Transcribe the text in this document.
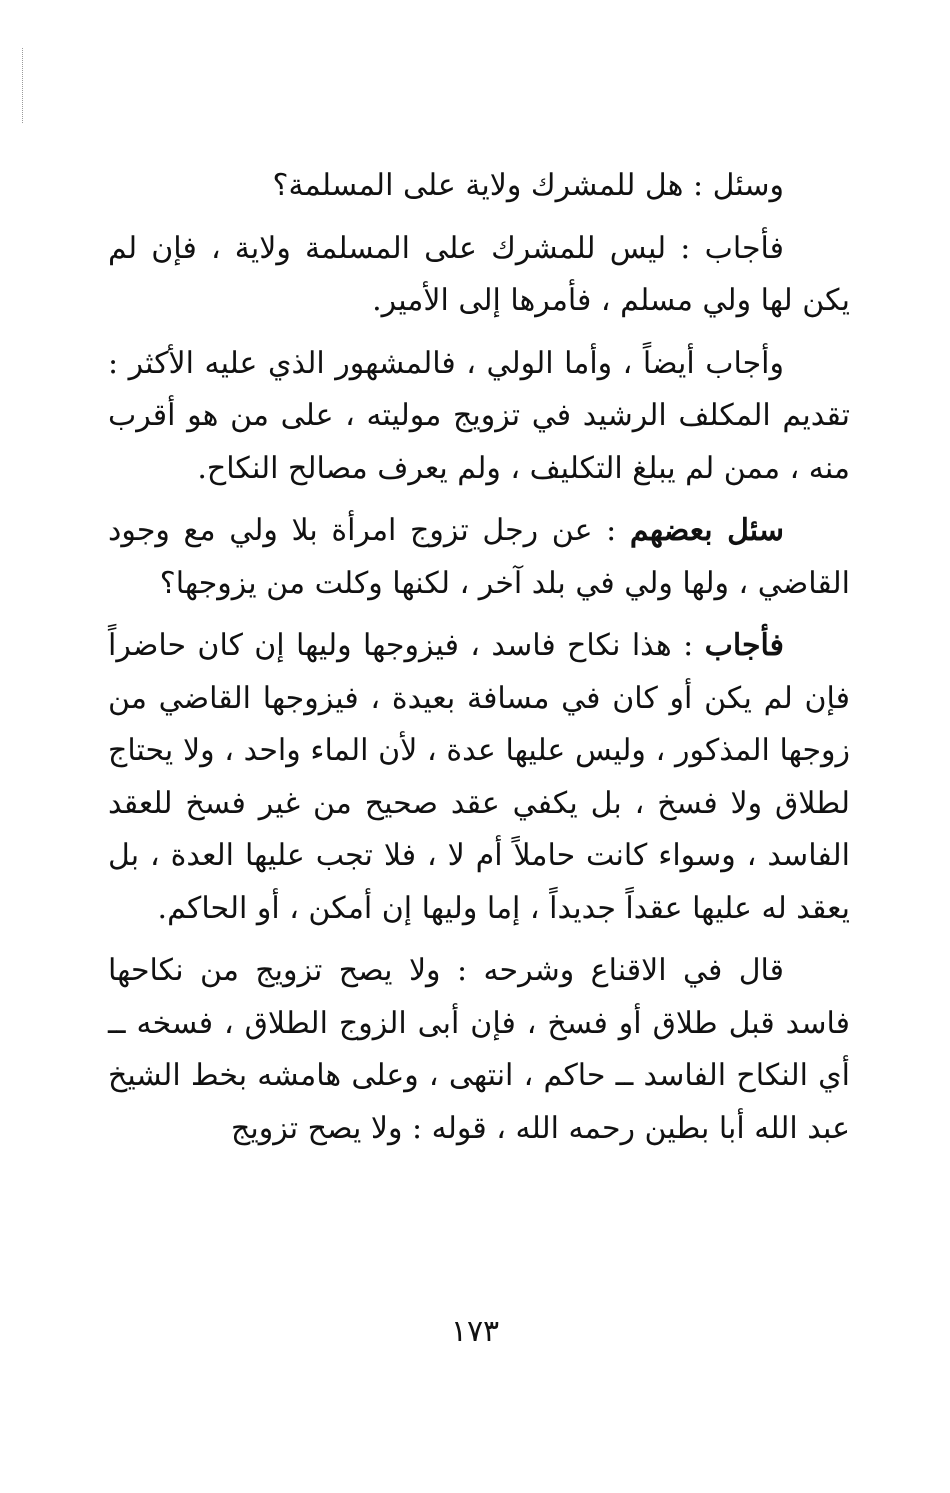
وسئل : هل للمشرك ولاية على المسلمة؟

فأجاب : ليس للمشرك على المسلمة ولاية ، فإن لم يكن لها ولي مسلم ، فأمرها إلى الأمير.

وأجاب أيضاً ، وأما الولي ، فالمشهور الذي عليه الأكثر : تقديم المكلف الرشيد في تزويج موليته ، على من هو أقرب منه ، ممن لم يبلغ التكليف ، ولم يعرف مصالح النكاح.

سئل بعضهم : عن رجل تزوج امرأة بلا ولي مع وجود القاضي ، ولها ولي في بلد آخر ، لكنها وكلت من يزوجها؟

فأجاب : هذا نكاح فاسد ، فيزوجها وليها إن كان حاضراً فإن لم يكن أو كان في مسافة بعيدة ، فيزوجها القاضي من زوجها المذكور ، وليس عليها عدة ، لأن الماء واحد ، ولا يحتاج لطلاق ولا فسخ ، بل يكفي عقد صحيح من غير فسخ للعقد الفاسد ، وسواء كانت حاملاً أم لا ، فلا تجب عليها العدة ، بل يعقد له عليها عقداً جديداً ، إما وليها إن أمكن ، أو الحاكم.

قال في الاقناع وشرحه : ولا يصح تزويج من نكاحها فاسد قبل طلاق أو فسخ ، فإن أبى الزوج الطلاق ، فسخه ــ أي النكاح الفاسد ــ حاكم ، انتهى ، وعلى هامشه بخط الشيخ عبد الله أبا بطين رحمه الله ، قوله : ولا يصح تزويج

١٧٣
